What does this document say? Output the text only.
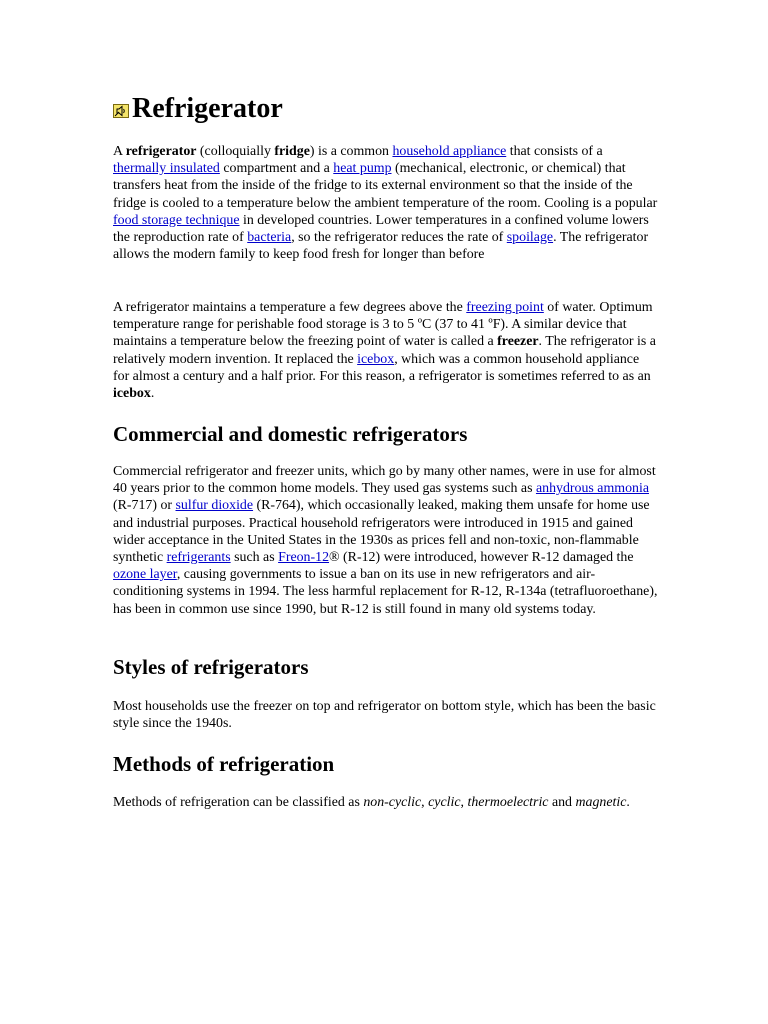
Refrigerator

A refrigerator (colloquially fridge) is a common household appliance that consists of a thermally insulated compartment and a heat pump (mechanical, electronic, or chemical) that transfers heat from the inside of the fridge to its external environment so that the inside of the fridge is cooled to a temperature below the ambient temperature of the room. Cooling is a popular food storage technique in developed countries. Lower temperatures in a confined volume lowers the reproduction rate of bacteria, so the refrigerator reduces the rate of spoilage. The refrigerator allows the modern family to keep food fresh for longer than before

A refrigerator maintains a temperature a few degrees above the freezing point of water. Optimum temperature range for perishable food storage is 3 to 5 ºC (37 to 41 ºF). A similar device that maintains a temperature below the freezing point of water is called a freezer. The refrigerator is a relatively modern invention. It replaced the icebox, which was a common household appliance for almost a century and a half prior. For this reason, a refrigerator is sometimes referred to as an icebox.

Commercial and domestic refrigerators

Commercial refrigerator and freezer units, which go by many other names, were in use for almost 40 years prior to the common home models. They used gas systems such as anhydrous ammonia (R-717) or sulfur dioxide (R-764), which occasionally leaked, making them unsafe for home use and industrial purposes. Practical household refrigerators were introduced in 1915 and gained wider acceptance in the United States in the 1930s as prices fell and non-toxic, non-flammable synthetic refrigerants such as Freon-12® (R-12) were introduced, however R-12 damaged the ozone layer, causing governments to issue a ban on its use in new refrigerators and air-conditioning systems in 1994. The less harmful replacement for R-12, R-134a (tetrafluoroethane), has been in common use since 1990, but R-12 is still found in many old systems today.

Styles of refrigerators

Most households use the freezer on top and refrigerator on bottom style, which has been the basic style since the 1940s.

Methods of refrigeration

Methods of refrigeration can be classified as non-cyclic, cyclic, thermoelectric and magnetic.
